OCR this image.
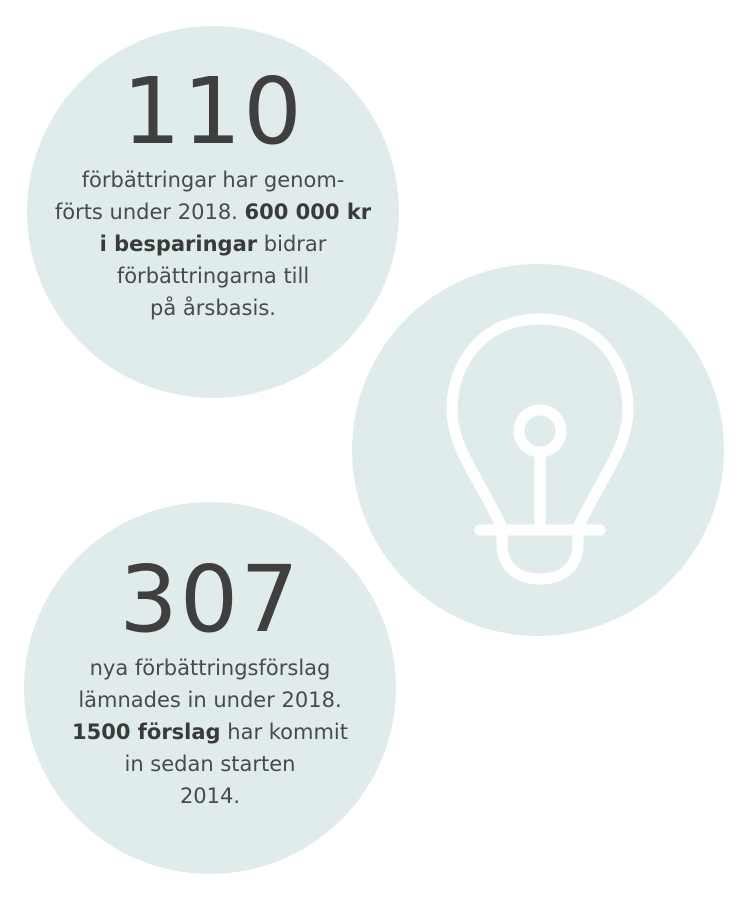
110
förbättringar har genom-
förts under 2018. 600 000 kr
i besparingar bidrar
förbättringarna till
på årsbasis.
307
nya förbättringsförslag
lämnades in under 2018.
1500 förslag har kommit
in sedan starten
2014.
